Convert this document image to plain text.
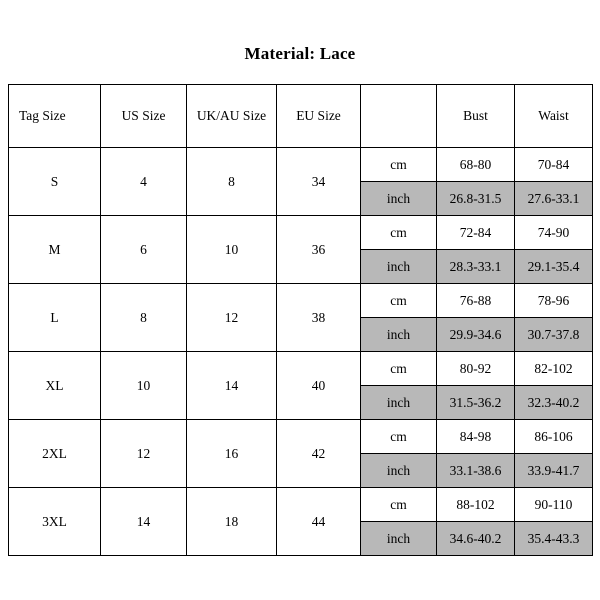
Material: Lace
Tag Size	US Size	UK/AU Size	EU Size		Bust	Waist
S	4	8	34	cm	68-80	70-84
				inch	26.8-31.5	27.6-33.1
M	6	10	36	cm	72-84	74-90
				inch	28.3-33.1	29.1-35.4
L	8	12	38	cm	76-88	78-96
				inch	29.9-34.6	30.7-37.8
XL	10	14	40	cm	80-92	82-102
				inch	31.5-36.2	32.3-40.2
2XL	12	16	42	cm	84-98	86-106
				inch	33.1-38.6	33.9-41.7
3XL	14	18	44	cm	88-102	90-110
				inch	34.6-40.2	35.4-43.3
